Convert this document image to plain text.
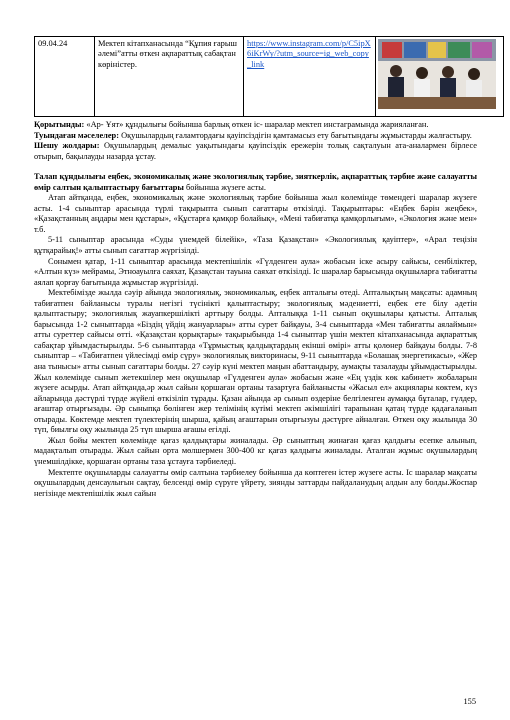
09.04.24	Мектеп кітапханасында “Құпия ғарыш әлемі”атты өткен ақпараттық сабақтан көріністер.	https://www.instagram.com/p/C5ipX6iKrWy/?utm_source=ig_web_copy_link	

Қорытынды: «Ар- Ұят» құндылығы бойынша барлық өткен іс- шаралар мектеп инстаграмында жарияланған.

Туындаған мәселелер: Оқушылардың ғаламтордағы қауіпсіздігін қамтамасыз ету бағытындағы жұмыстарды жалғастыру.

Шешу жолдары: Оқушылардың демалыс уақытындағы қауіпсіздік ережерін толық сақталуын ата-аналармен бірлесе отырып, бақылауды назарда ұстау.

Талап құндылығы еңбек, экономикалық және экологиялық тәрбие, зияткерлік, ақпараттық тәрбие және салауатты өмір салтын қалыптастыру бағыттары бойынша жүзеге асты.

Атап айтқанда, еңбек, экономикалық және экологиялық тәрбие бойынша жыл көлемінде төмендегі шаралар жүзеге асты. 1-4 сыныптар арасында түрлі тақырыпта сынып сағаттары өткізілді. Тақырыптары: «Еңбек бәрін жеңбек», «Қазақстанның аңдары мен құстары», «Құстарға қамқор болайық», «Мені табиғатқа қамқорлығым», «Экология және мен» т.б.

5-11 сыныптар арасында «Суды үнемдей білейік», «Таза Қазақстан» «Экологиялық қауіптер», «Арал теңізін құтқарайық!» атты сынып сағаттар жүргізілді.

Сонымен қатар, 1-11 сыныптар арасында мектепішілік «Гүлденген аула» жобасын іске асыру сайысы, сенбіліктер, «Алтын күз» мейрамы, Этноауылға саяхат, Қазақстан тауына саяхат өткізілді. Іс шаралар барысында оқушыларға табиғатты аялап қорғау бағытында жұмыстар жүргізілді.

Мектебімізде жылда сәуір айында экологиялық, экономикалық, еңбек апталығы өтеді. Апталықтың мақсаты: адамның табиғатпен байланысы туралы негізгі түсінікті қалыптастыру; экологиялық мәдениетті, еңбек ете білу әдетін қалыптастыру; экологиялық жауапкершілікті арттыру болды. Апталыққа 1-11 сынып оқушылары қатысты. Апталық барысында 1-2 сыныптарда «Біздің үйдің жануарлары» атты сурет байқауы, 3-4 сыныптарда «Мен табиғатты аялаймын» атты суреттер сайысы өтті. «Қазақстан қорықтары» тақырыбында 1-4 сыныптар үшін мектеп кітапханасында ақпараттық сабақтар ұйымдастырылды. 5-6 сыныптарда «Тұрмыстық қалдықтардың екінші өмірі» атты қолөнер байқауы болды. 7-8 сыныптар – «Табиғатпен үйлесімді өмір сүру» экологиялық викторинасы, 9-11 сыныптарда «Болашақ энергетикасы», «Жер ана тынысы» атты сынып сағаттары болды. 27 сәуір күні мектеп маңын абаттандыру, аумақты тазалауды ұйымдастырылды. Жыл көлемінде сынып жетекшілер мен оқушылар «Гүлденген аула» жобасын және «Ең үздік көк кабинет» жобаларын жүзеге асырды. Атап айтқанда,әр жыл сайын қоршаған ортаны тазартуға байланысты «Жасыл ел» акциялары көктем, күз айларында дәстүрлі түрде жүйелі өткізіліп тұрады. Қазан айында әр сынып өздеріне белгіленген аумаққа бұталар, гүлдер, ағаштар отырғызады. Әр сыныпқа бөлінген жер телімінің күтімі мектеп әкімшілігі тарапынан қатаң түрде қадағаланып отырады. Көктемде мектеп түлектерінің шырша, қайың ағаштарын отырғызуы дәстүрге айналған. Өткен оқу жылында 30 түп, биылғы оқу жылында 25 түп шырша ағашы егілді.

Жыл бойы мектеп көлемінде қағаз қалдықтары жиналады. Әр сыныптың жинаған қағаз қалдығы есепке алынып, мадақталып отырады. Жыл сайын орта мөлшермен 300-400 кг қағаз қалдығы жиналады. Аталған жұмыс оқушылардың үнемшілдікке, қоршаған ортаны таза ұстауға тәрбиеледі.

Мектепте оқушыларды салауатты өмір салтына тәрбиелеу бойынша да көптеген істер жүзеге асты. Іс шаралар мақсаты оқушылардың денсаулығын сақтау, белсенді өмір сүруге үйрету, зиянды заттарды пайдаланудың алдын алу болды.Жоспар негізінде мектепішілік жыл сайын

155
